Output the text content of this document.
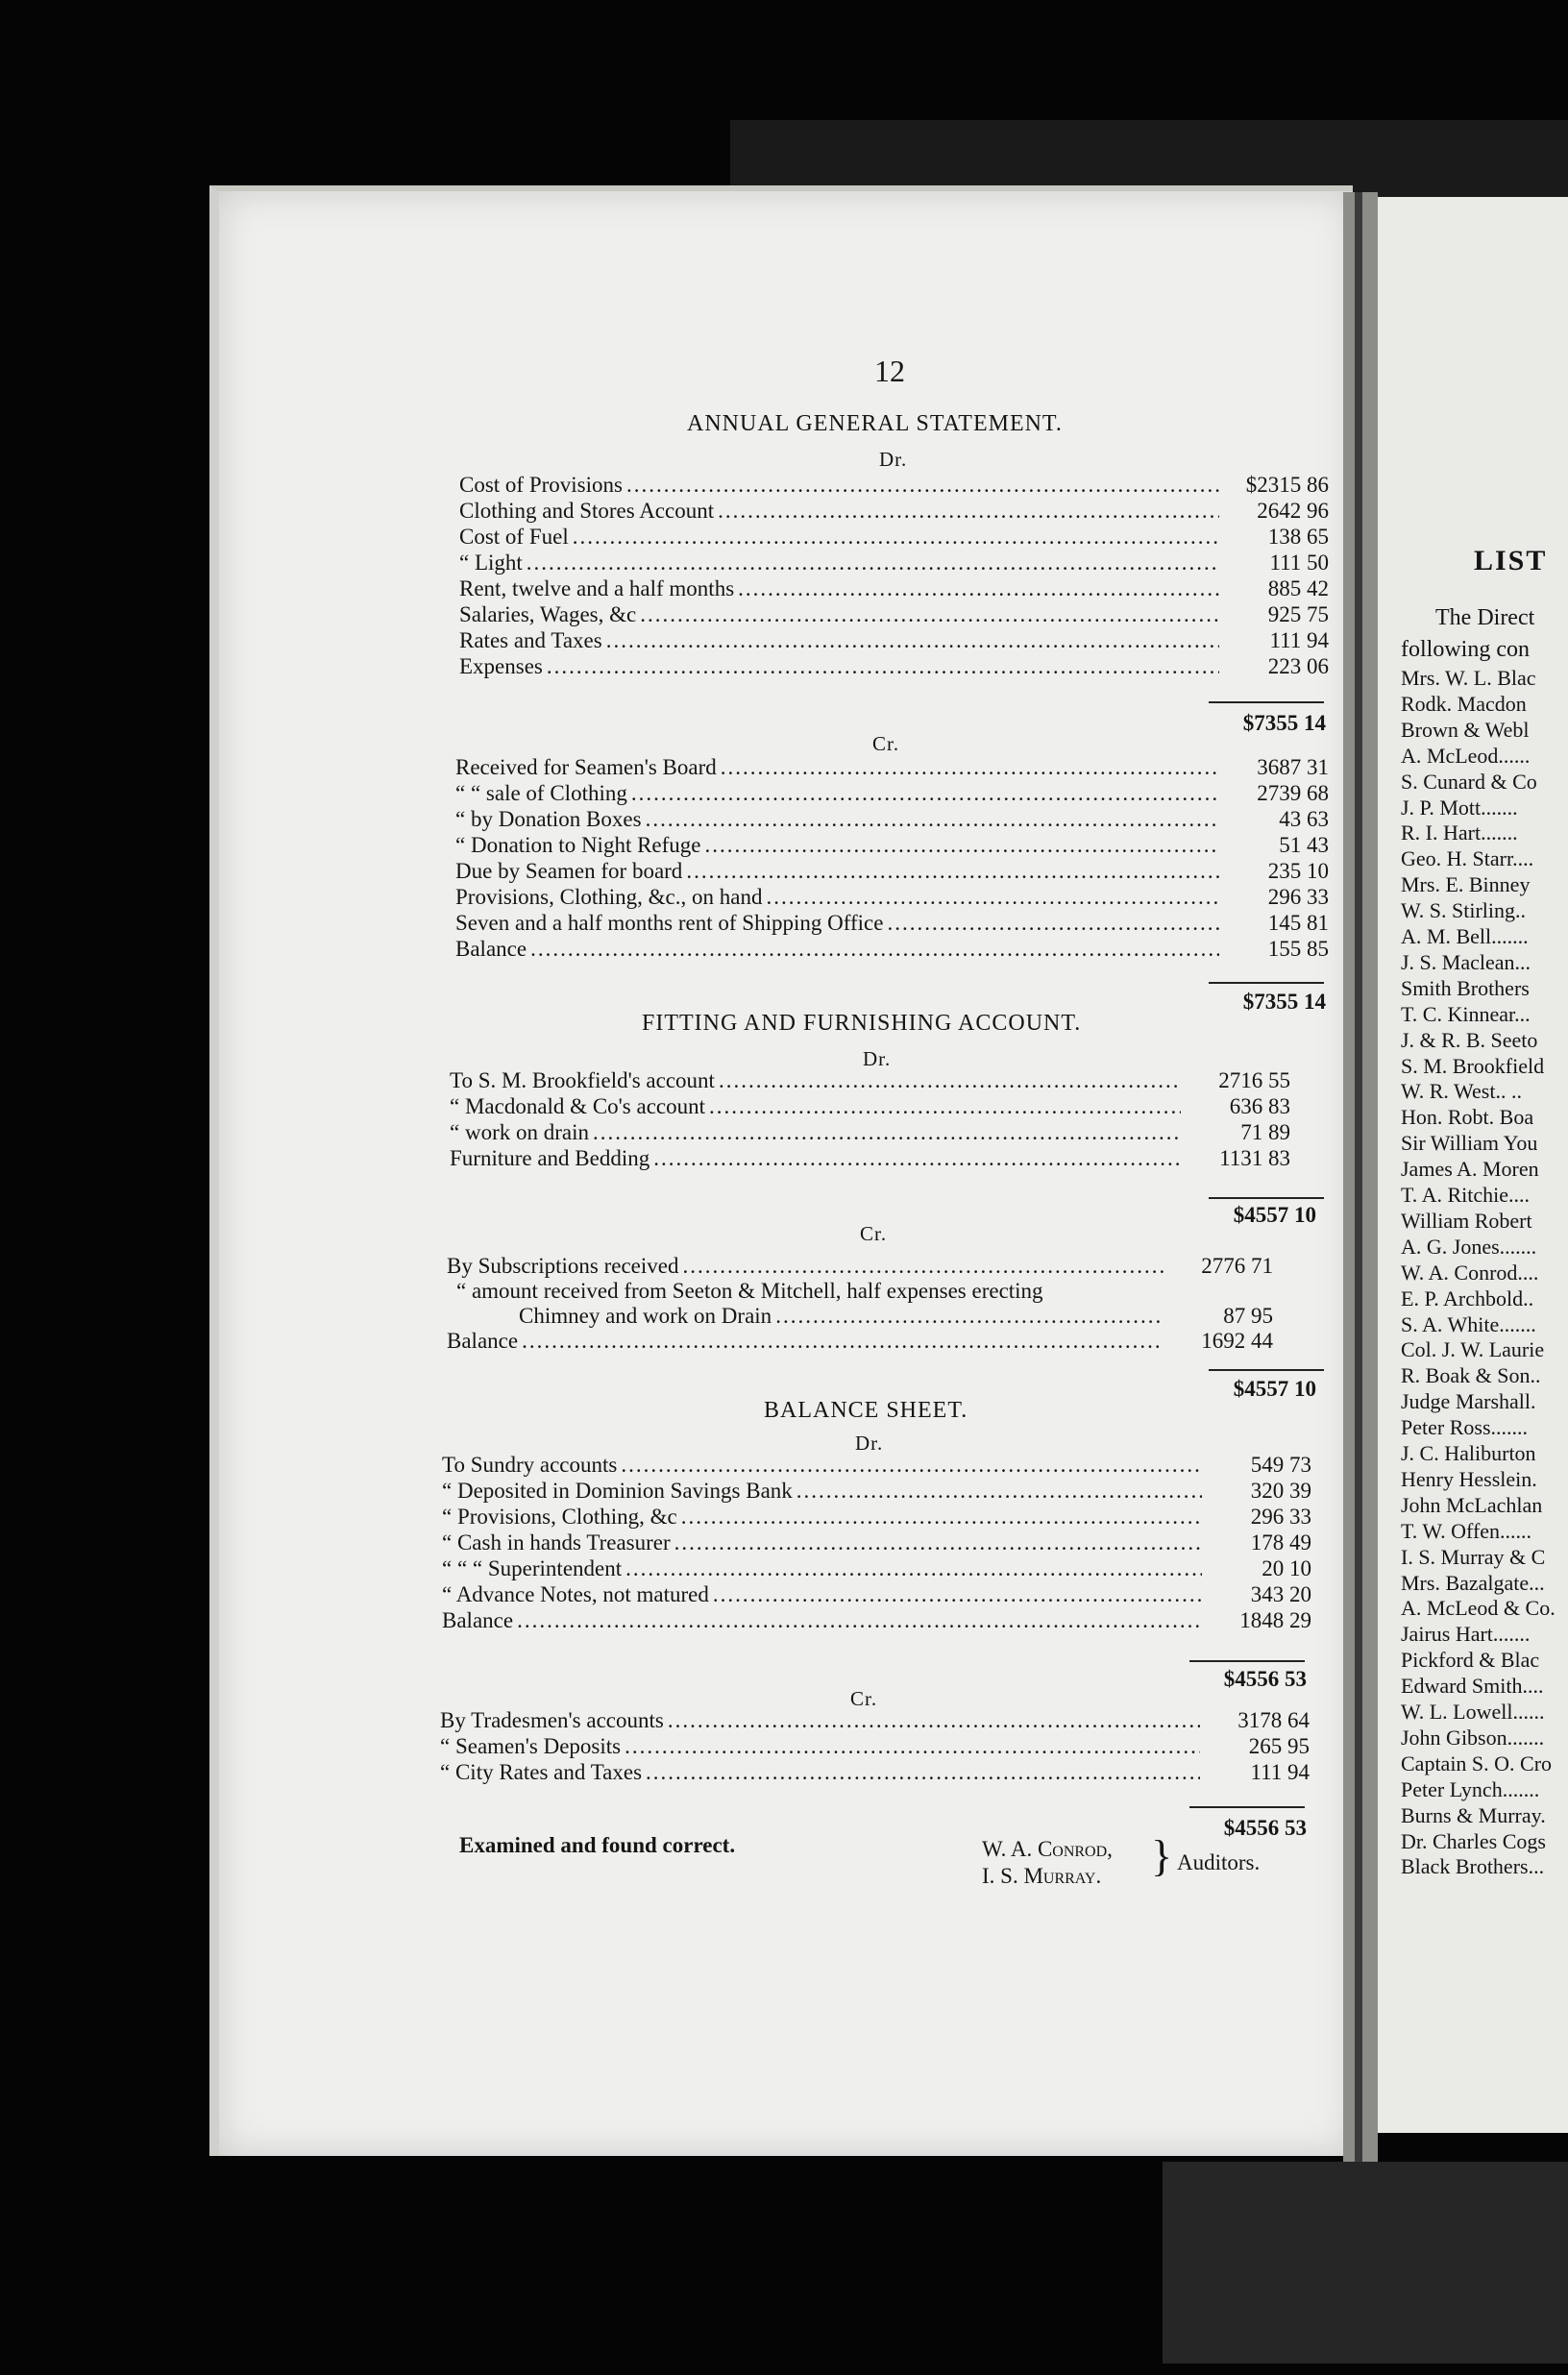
12
ANNUAL GENERAL STATEMENT.
Dr.
Cost of Provisions .....	$2315 86
Clothing and Stores Account .....	2642 96
Cost of Fuel .....	138 65
“ Light .....	111 50
Rent, twelve and a half months .....	885 42
Salaries, Wages, &c .....	925 75
Rates and Taxes .....	111 94
Expenses .....	223 06
$7355 14
Cr.
Received for Seamen's Board .....	3687 31
“ “ sale of Clothing .....	2739 68
“ by Donation Boxes .....	43 63
“ Donation to Night Refuge .....	51 43
Due by Seamen for board .....	235 10
Provisions, Clothing, &c., on hand .....	296 33
Seven and a half months rent of Shipping Office .....	145 81
Balance .....	155 85
$7355 14
FITTING AND FURNISHING ACCOUNT.
Dr.
To S. M. Brookfield's account .....	2716 55
“ Macdonald & Co's account .....	636 83
“ work on drain .....	71 89
Furniture and Bedding .....	1131 83
$4557 10
Cr.
By Subscriptions received .....	2776 71
“ amount received from Seeton & Mitchell, half expenses erecting
Chimney and work on Drain .....	87 95
Balance .....	1692 44
$4557 10
BALANCE SHEET.
Dr.
To Sundry accounts .....	549 73
“ Deposited in Dominion Savings Bank .....	320 39
“ Provisions, Clothing, &c .....	296 33
“ Cash in hands Treasurer .....	178 49
“ “ “ Superintendent .....	20 10
“ Advance Notes, not matured .....	343 20
Balance .....	1848 29
$4556 53
Cr.
By Tradesmen's accounts .....	3178 64
“ Seamen's Deposits .....	265 95
“ City Rates and Taxes .....	111 94
$4556 53
Examined and found correct.	W. A. Conrod,
I. S. Murray. } Auditors.
LIST
The Direct
following con
Mrs. W. L. Blac
Rodk. Macdon
Brown & Webl
A. McLeod......
S. Cunard & Co
J. P. Mott.......
R. I. Hart.......
Geo. H. Starr....
Mrs. E. Binney
W. S. Stirling..
A. M. Bell.......
J. S. Maclean...
Smith Brothers
T. C. Kinnear...
J. & R. B. Seeto
S. M. Brookfield
W. R. West.. ..
Hon. Robt. Boa
Sir William You
James A. Moren
T. A. Ritchie....
William Robert
A. G. Jones.......
W. A. Conrod....
E. P. Archbold..
S. A. White.......
Col. J. W. Laurie
R. Boak & Son..
Judge Marshall.
Peter Ross.......
J. C. Haliburton
Henry Hesslein.
John McLachlan
T. W. Offen......
I. S. Murray & C
Mrs. Bazalgate...
A. McLeod & Co.
Jairus Hart.......
Pickford & Blac
Edward Smith....
W. L. Lowell......
John Gibson.......
Captain S. O. Cro
Peter Lynch.......
Burns & Murray.
Dr. Charles Cogs
Black Brothers...
